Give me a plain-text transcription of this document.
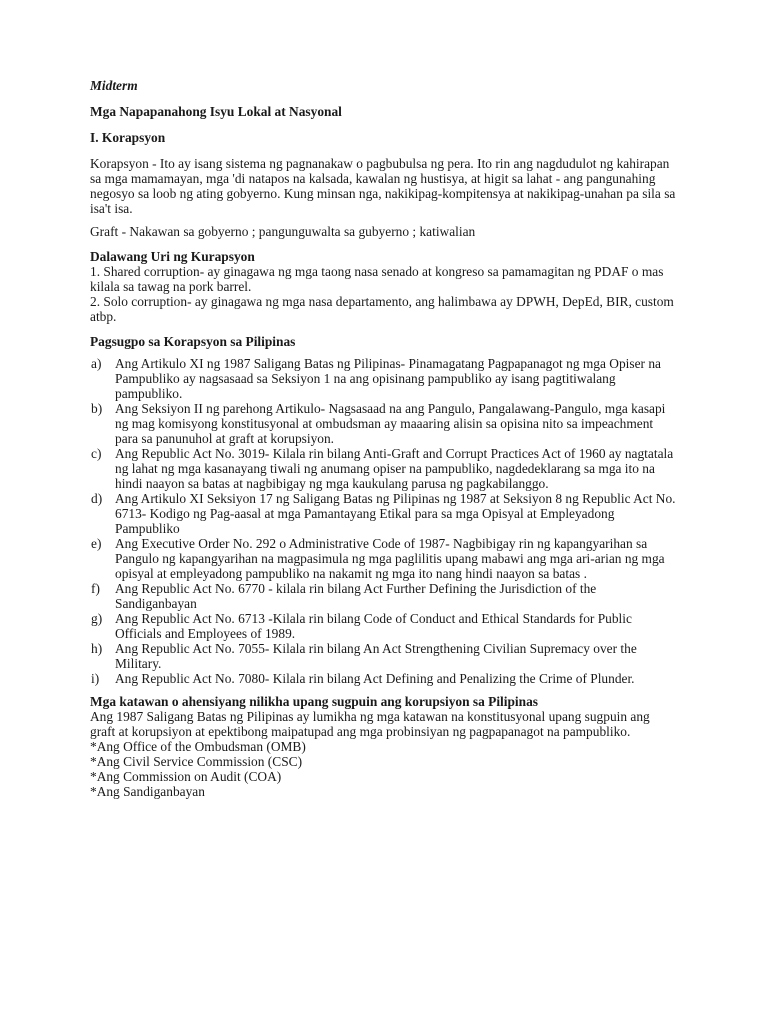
Midterm
Mga Napapanahong Isyu Lokal at Nasyonal
I. Korapsyon

Korapsyon - Ito ay isang sistema ng pagnanakaw o pagbubulsa ng pera. Ito rin ang nagdudulot ng kahirapan sa mga mamamayan, mga 'di natapos na kalsada, kawalan ng hustisya, at higit sa lahat - ang pangunahing negosyo sa loob ng ating gobyerno. Kung minsan nga, nakikipag-kompitensya at nakikipag-unahan pa sila sa isa't isa.

Graft - Nakawan sa gobyerno ; pangunguwalta sa gubyerno ; katiwalian

Dalawang Uri ng Kurapsyon
1. Shared corruption- ay ginagawa ng mga taong nasa senado at kongreso sa pamamagitan ng PDAF o mas kilala sa tawag na pork barrel.
2. Solo corruption- ay ginagawa ng mga nasa departamento, ang halimbawa ay DPWH, DepEd, BIR, custom atbp.
Pagsugpo sa Korapsyon sa Pilipinas
a) Ang Artikulo XI ng 1987 Saligang Batas ng Pilipinas- Pinamagatang Pagpapanagot ng mga Opiser na Pampubliko ay nagsasaad sa Seksiyon 1 na ang opisinang pampubliko ay isang pagtitiwalang pampubliko.
b) Ang Seksiyon II ng parehong Artikulo- Nagsasaad na ang Pangulo, Pangalawang-Pangulo, mga kasapi ng mag komisyong konstitusyonal at ombudsman ay maaaring alisin sa opisina nito sa impeachment para sa panunuhol at graft at korupsiyon.
c) Ang Republic Act No. 3019- Kilala rin bilang Anti-Graft and Corrupt Practices Act of 1960 ay nagtatala ng lahat ng mga kasanayang tiwali ng anumang opiser na pampubliko, nagdedeklarang sa mga ito na hindi naayon sa batas at nagbibigay ng mga kaukulang parusa ng pagkabilanggo.
d) Ang Artikulo XI Seksiyon 17 ng Saligang Batas ng Pilipinas ng 1987 at Seksiyon 8 ng Republic Act No. 6713- Kodigo ng Pag-aasal at mga Pamantayang Etikal para sa mga Opisyal at Empleyadong Pampubliko
e) Ang Executive Order No. 292 o Administrative Code of 1987- Nagbibigay rin ng kapangyarihan sa Pangulo ng kapangyarihan na magpasimula ng mga paglilitis upang mabawi ang mga ari-arian ng mga opisyal at empleyadong pampubliko na nakamit ng mga ito nang hindi naayon sa batas .
f) Ang Republic Act No. 6770 - kilala rin bilang Act Further Defining the Jurisdiction of the Sandiganbayan
g) Ang Republic Act No. 6713 -Kilala rin bilang Code of Conduct and Ethical Standards for Public Officials and Employees of 1989.
h) Ang Republic Act No. 7055- Kilala rin bilang An Act Strengthening Civilian Supremacy over the Military.
i) Ang Republic Act No. 7080- Kilala rin bilang Act Defining and Penalizing the Crime of Plunder.
Mga katawan o ahensiyang nilikha upang sugpuin ang korupsiyon sa Pilipinas
Ang 1987 Saligang Batas ng Pilipinas ay lumikha ng mga katawan na konstitusyonal upang sugpuin ang graft at korupsiyon at epektibong maipatupad ang mga probinsiyan ng pagpapanagot na pampubliko.
*Ang Office of the Ombudsman (OMB)
*Ang Civil Service Commission (CSC)
*Ang Commission on Audit (COA)
*Ang Sandiganbayan
